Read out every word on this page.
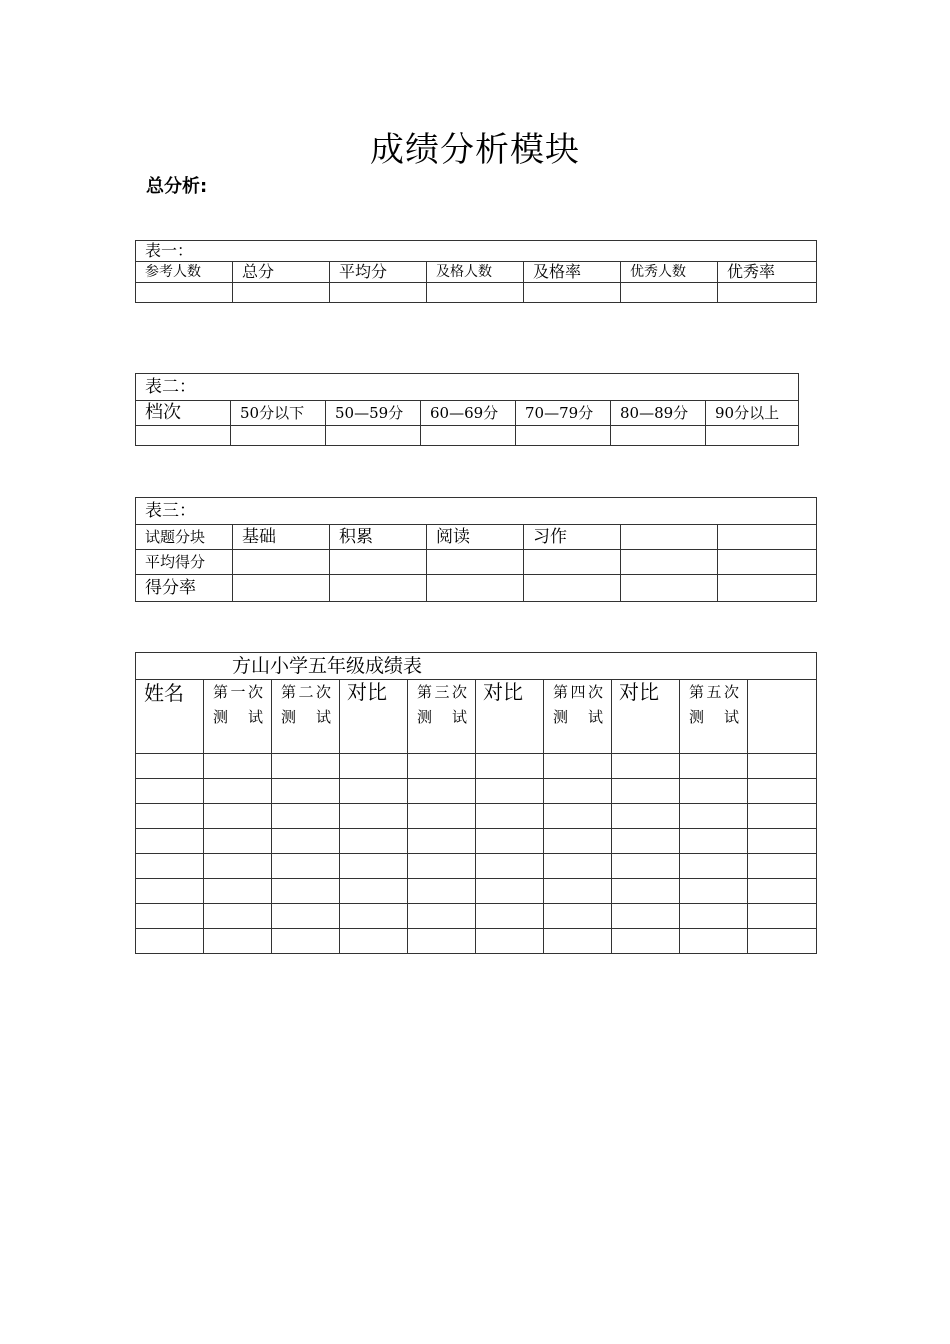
成绩分析模块
总分析:
表一：						
参考人数	总分	平均分	及格人数	及格率	优秀人数	优秀率

表二：						
档次	50分以下	50—59分	60—69分	70—79分	80—89分	90分以上

表三：						
试题分块	基础	积累	阅读	习作		
平均得分						
得分率						
方山小学五年级成绩表									
姓名	第一次测试	第二次测试	对比	第三次测试	对比	第四次测试	对比	第五次测试	
